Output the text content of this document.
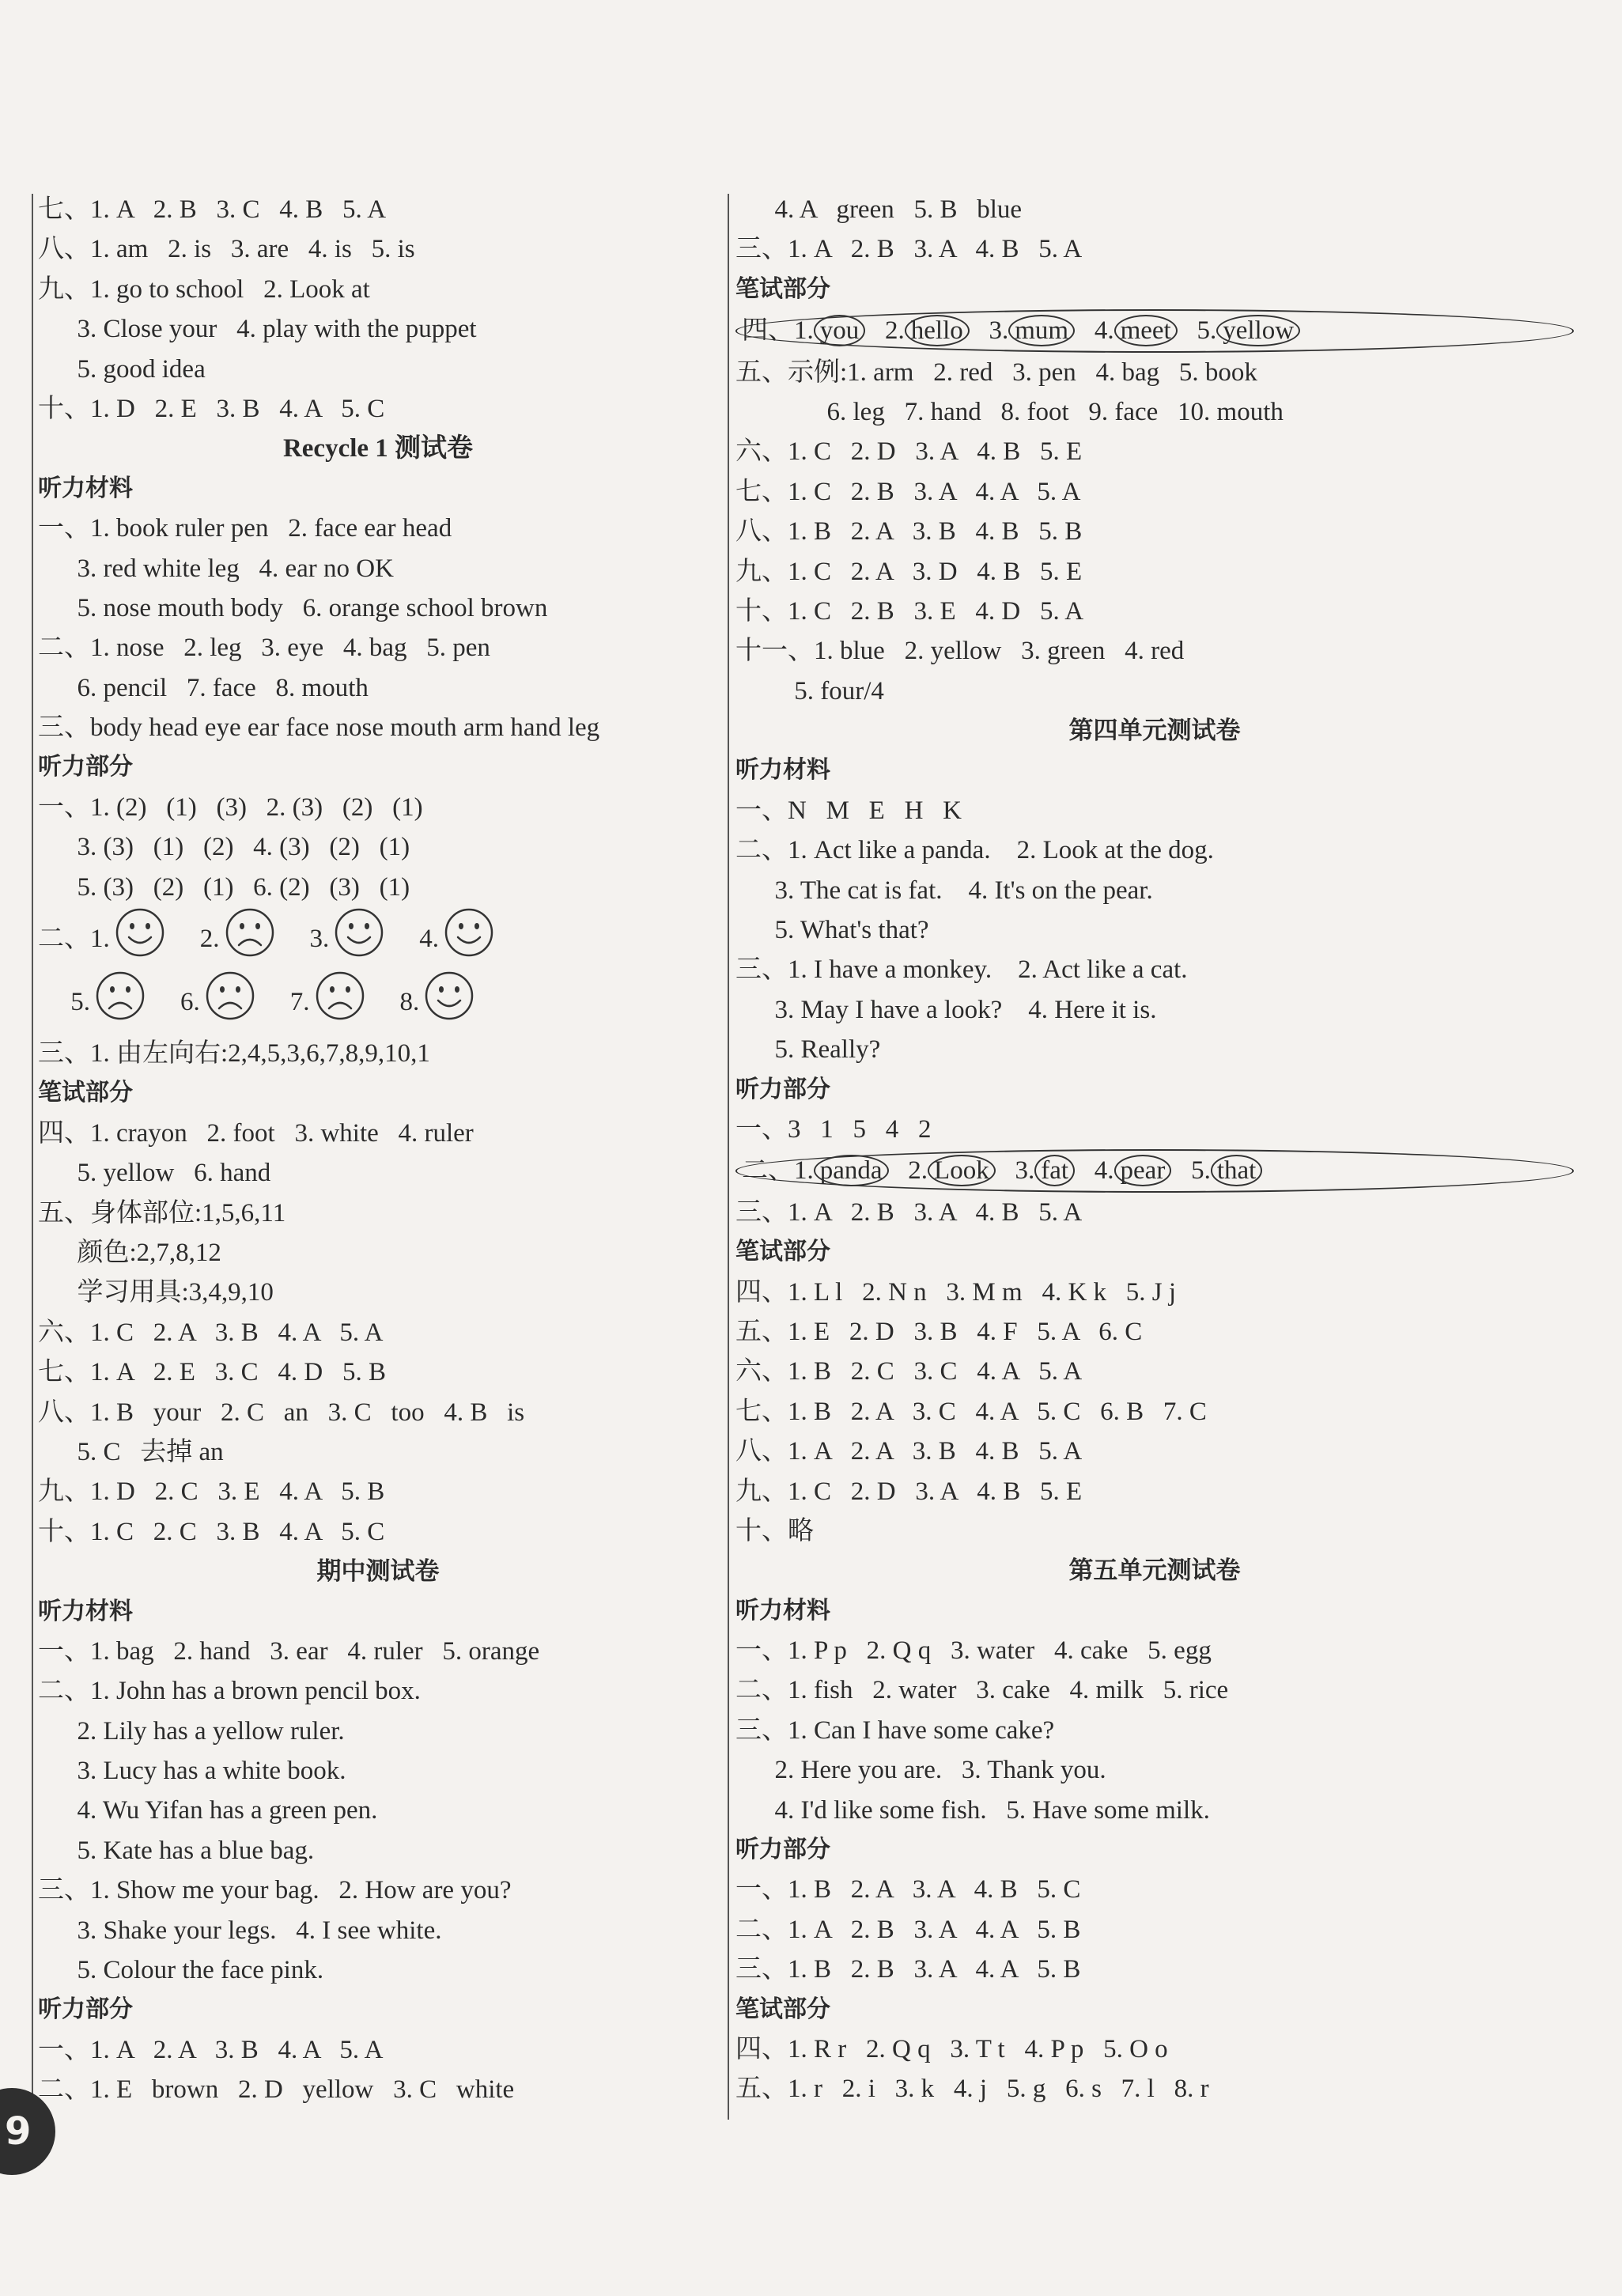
七、1. A   2. B   3. C   4. B   5. A
八、1. am   2. is   3. are   4. is   5. is
九、1. go to school   2. Look at
3. Close your   4. play with the puppet
5. good idea
十、1. D   2. E   3. B   4. A   5. C
Recycle 1 测试卷
听力材料
一、1. book ruler pen   2. face ear head
3. red white leg   4. ear no OK
5. nose mouth body   6. orange school brown
二、1. nose   2. leg   3. eye   4. bag   5. pen
6. pencil   7. face   8. mouth
三、body head eye ear face nose mouth arm hand leg
听力部分
一、1. (2)   (1)   (3)   2. (3)   (2)   (1)
3. (3)   (1)   (2)   4. (3)   (2)   (1)
5. (3)   (2)   (1)   6. (2)   (3)   (1)
二、 1.	2.	3.	4.

5.	6.	7.	8.
三、1. 由左向右:2,4,5,3,6,7,8,9,10,1
笔试部分
四、1. crayon   2. foot   3. white   4. ruler
5. yellow   6. hand
五、身体部位:1,5,6,11
颜色:2,7,8,12
学习用具:3,4,9,10
六、1. C   2. A   3. B   4. A   5. A
七、1. A   2. E   3. C   4. D   5. B
八、1. B   your   2. C   an   3. C   too   4. B   is
5. C   去掉 an
九、1. D   2. C   3. E   4. A   5. B
十、1. C   2. C   3. B   4. A   5. C
期中测试卷
听力材料
一、1. bag   2. hand   3. ear   4. ruler   5. orange
二、1. John has a brown pencil box.
2. Lily has a yellow ruler.
3. Lucy has a white book.
4. Wu Yifan has a green pen.
5. Kate has a blue bag.
三、1. Show me your bag.   2. How are you?
3. Shake your legs.   4. I see white.
5. Colour the face pink.
听力部分
一、1. A   2. A   3. B   4. A   5. A
二、1. E   brown   2. D   yellow   3. C   white
4. A   green   5. B   blue
三、1. A   2. B   3. A   4. B   5. A
笔试部分
四、1. you 2. hello 3. mum 4. meet 5. yellow
五、示例:1. arm   2. red   3. pen   4. bag   5. book
6. leg   7. hand   8. foot   9. face   10. mouth
六、1. C   2. D   3. A   4. B   5. E
七、1. C   2. B   3. A   4. A   5. A
八、1. B   2. A   3. B   4. B   5. B
九、1. C   2. A   3. D   4. B   5. E
十、1. C   2. B   3. E   4. D   5. A
十一、1. blue   2. yellow   3. green   4. red
5. four/4
第四单元测试卷
听力材料
一、N   M   E   H   K
二、1. Act like a panda.    2. Look at the dog.
3. The cat is fat.    4. It's on the pear.
5. What's that?
三、1. I have a monkey.    2. Act like a cat.
3. May I have a look?    4. Here it is.
5. Really?
听力部分
一、3   1   5   4   2
二、1. panda 2. Look 3. fat 4. pear 5. that
三、1. A   2. B   3. A   4. B   5. A
笔试部分
四、1. L l   2. N n   3. M m   4. K k   5. J j
五、1. E   2. D   3. B   4. F   5. A   6. C
六、1. B   2. C   3. C   4. A   5. A
七、1. B   2. A   3. C   4. A   5. C   6. B   7. C
八、1. A   2. A   3. B   4. B   5. A
九、1. C   2. D   3. A   4. B   5. E
十、略
第五单元测试卷
听力材料
一、1. P p   2. Q q   3. water   4. cake   5. egg
二、1. fish   2. water   3. cake   4. milk   5. rice
三、1. Can I have some cake?
2. Here you are.   3. Thank you.
4. I'd like some fish.   5. Have some milk.
听力部分
一、1. B   2. A   3. A   4. B   5. C
二、1. A   2. B   3. A   4. A   5. B
三、1. B   2. B   3. A   4. A   5. B
笔试部分
四、1. R r   2. Q q   3. T t   4. P p   5. O o
五、1. r   2. i   3. k   4. j   5. g   6. s   7. l   8. r
9
